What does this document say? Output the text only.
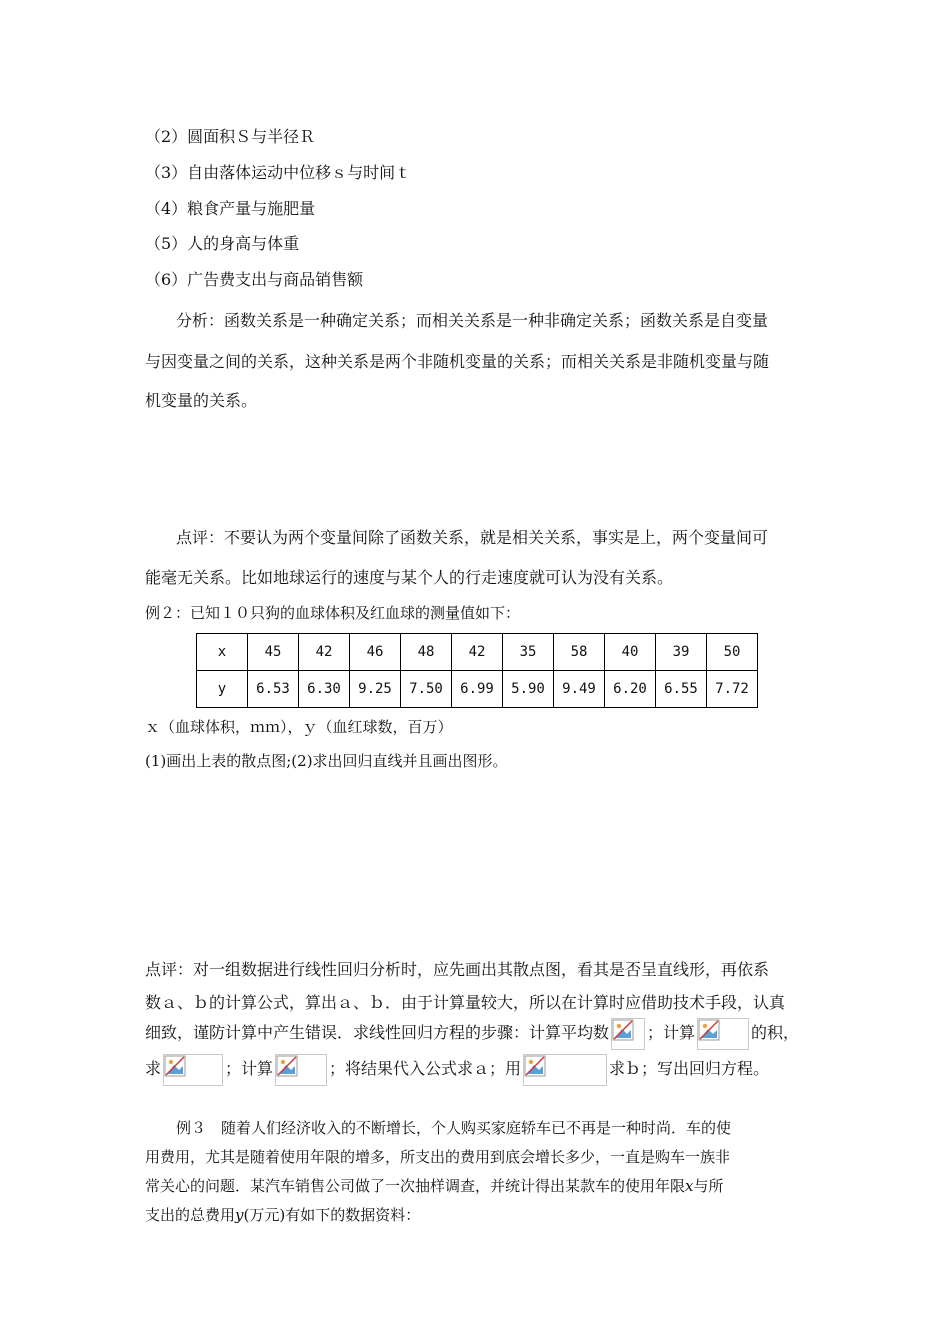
（2）圆面积Ｓ与半径Ｒ
（3）自由落体运动中位移ｓ与时间ｔ
（4）粮食产量与施肥量
（5）人的身高与体重
（6）广告费支出与商品销售额
分析：函数关系是一种确定关系；而相关关系是一种非确定关系；函数关系是自变量
与因变量之间的关系，这种关系是两个非随机变量的关系；而相关关系是非随机变量与随
机变量的关系。
点评：不要认为两个变量间除了函数关系，就是相关关系，事实是上，两个变量间可
能毫无关系。比如地球运行的速度与某个人的行走速度就可认为没有关系。
例２：已知１０只狗的血球体积及红血球的测量值如下：
x	45	42	46	48	42	35	58	40	39	50
y	6.53	6.30	9.25	7.50	6.99	5.90	9.49	6.20	6.55	7.72
ｘ（血球体积，ｍｍ），ｙ（血红球数，百万）
(1)画出上表的散点图;(2)求出回归直线并且画出图形。
点评：对一组数据进行线性回归分析时，应先画出其散点图，看其是否呈直线形，再依系
数ａ、ｂ的计算公式，算出ａ、ｂ．由于计算量较大，所以在计算时应借助技术手段，认真
细致，谨防计算中产生错误．求线性回归方程的步骤：计算平均数 ；计算	的积，
求	；计算	；将结果代入公式求ａ；用	求ｂ；写出回归方程。
例３　随着人们经济收入的不断增长，个人购买家庭轿车已不再是一种时尚．车的使
用费用，尤其是随着使用年限的增多，所支出的费用到底会增长多少，一直是购车一族非
常关心的问题．某汽车销售公司做了一次抽样调查，并统计得出某款车的使用年限x与所
支出的总费用y(万元)有如下的数据资料：
